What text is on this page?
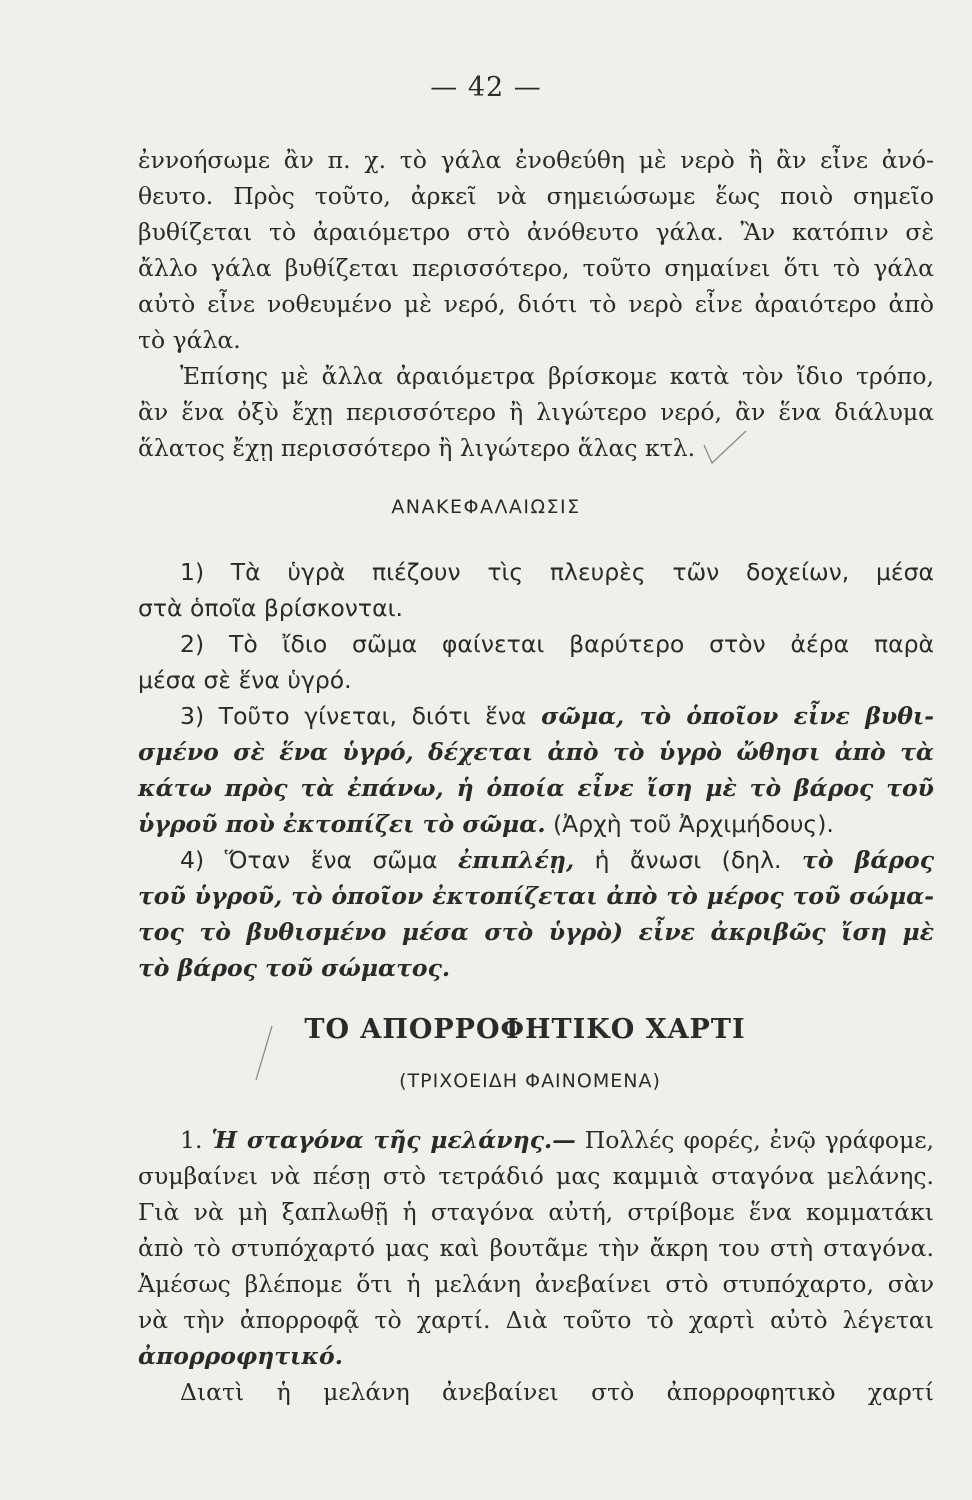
— 42 —
ἐννοήσωμε ἂν π. χ. τὸ γάλα ἐνοθεύθη μὲ νερὸ ἢ ἂν εἶνε ἀνό-
θευτο. Πρὸς τοῦτο, ἀρκεῖ νὰ σημειώσωμε ἕως ποιὸ σημεῖο
βυθίζεται τὸ ἀραιόμετρο στὸ ἀνόθευτο γάλα. Ἂν κατόπιν σὲ
ἄλλο γάλα βυθίζεται περισσότερο, τοῦτο σημαίνει ὅτι τὸ γάλα
αὐτὸ εἶνε νοθευμένο μὲ νερό, διότι τὸ νερὸ εἶνε ἀραιότερο ἀπὸ
τὸ γάλα.
Ἐπίσης μὲ ἄλλα ἀραιόμετρα βρίσκομε κατὰ τὸν ἴδιο τρόπο,
ἂν ἕνα ὀξὺ ἔχῃ περισσότερο ἢ λιγώτερο νερό, ἂν ἕνα διάλυμα
ἅλατος ἔχῃ περισσότερο ἢ λιγώτερο ἅλας κτλ.
ΑΝΑΚΕΦΑΛΑΙΩΣΙΣ
1) Τὰ ὑγρὰ πιέζουν τὶς πλευρὲς τῶν δοχείων, μέσα
στὰ ὁποῖα βρίσκονται.
2) Τὸ ἴδιο σῶμα φαίνεται βαρύτερο στὸν ἀέρα παρὰ
μέσα σὲ ἕνα ὑγρό.
3) Τοῦτο γίνεται, διότι ἕνα σῶμα, τὸ ὁποῖον εἶνε βυθι-
σμένο σὲ ἕνα ὑγρό, δέχεται ἀπὸ τὸ ὑγρὸ ὤθησι ἀπὸ τὰ
κάτω πρὸς τὰ ἐπάνω, ἡ ὁποία εἶνε ἴση μὲ τὸ βάρος τοῦ
ὑγροῦ ποὺ ἐκτοπίζει τὸ σῶμα. (Ἀρχὴ τοῦ Ἀρχιμήδους).
4) Ὅταν ἕνα σῶμα ἐπιπλέῃ, ἡ ἄνωσι (δηλ. τὸ βάρος
τοῦ ὑγροῦ, τὸ ὁποῖον ἐκτοπίζεται ἀπὸ τὸ μέρος τοῦ σώμα-
τος τὸ βυθισμένο μέσα στὸ ὑγρὸ) εἶνε ἀκριβῶς ἴση μὲ
τὸ βάρος τοῦ σώματος.
ΤΟ ΑΠΟΡΡΟΦΗΤΙΚΟ ΧΑΡΤΙ
(ΤΡΙΧΟΕΙΔΗ ΦΑΙΝΟΜΕΝΑ)
1. Ἡ σταγόνα τῆς μελάνης.— Πολλές φορές, ἐνῷ γράφομε,
συμβαίνει νὰ πέσῃ στὸ τετράδιό μας καμμιὰ σταγόνα μελάνης.
Γιὰ νὰ μὴ ξαπλωθῇ ἡ σταγόνα αὐτή, στρίβομε ἕνα κομματάκι
ἀπὸ τὸ στυπόχαρτό μας καὶ βουτᾶμε τὴν ἄκρη του στὴ σταγόνα.
Ἀμέσως βλέπομε ὅτι ἡ μελάνη ἀνεβαίνει στὸ στυπόχαρτο, σὰν
νὰ τὴν ἀπορροφᾷ τὸ χαρτί. Διὰ τοῦτο τὸ χαρτὶ αὐτὸ λέγεται
ἀπορροφητικό.
Διατὶ ἡ μελάνη ἀνεβαίνει στὸ ἀπορροφητικὸ χαρτί
